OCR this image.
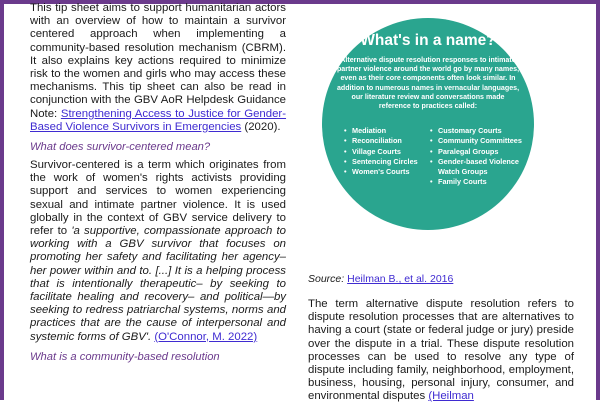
This tip sheet aims to support humanitarian actors with an overview of how to maintain a survivor centered approach when implementing a community-based resolution mechanism (CBRM). It also explains key actions required to minimize risk to the women and girls who may access these mechanisms. This tip sheet can also be read in conjunction with the GBV AoR Helpdesk Guidance Note: Strengthening Access to Justice for Gender-Based Violence Survivors in Emergencies (2020).

What does survivor-centered mean?

Survivor-centered is a term which originates from the work of women's rights activists providing support and services to women experiencing sexual and intimate partner violence. It is used globally in the context of GBV service delivery to refer to 'a supportive, compassionate approach to working with a GBV survivor that focuses on promoting her safety and facilitating her agency– her power within and to. [...] It is a helping process that is intentionally therapeutic– by seeking to facilitate healing and recovery– and political—by seeking to redress patriarchal systems, norms and practices that are the cause of interpersonal and systemic forms of GBV'. (O'Connor, M. 2022)

What is a community-based resolution
What's in a name?
Alternative dispute resolution responses to intimate partner violence around the world go by many names, even as their core components often look similar. In addition to numerous names in vernacular languages, our literature review and conversations made reference to practices called:
• Mediation
• Reconciliation
• Village Courts
• Sentencing Circles
• Women's Courts
• Customary Courts
• Community Committees
• Paralegal Groups
• Gender-based Violence Watch Groups
• Family Courts
Source: Heilman B., et al. 2016

The term alternative dispute resolution refers to dispute resolution processes that are alternatives to having a court (state or federal judge or jury) preside over the dispute in a trial. These dispute resolution processes can be used to resolve any type of dispute including family, neighborhood, employment, business, housing, personal injury, consumer, and environmental disputes (Heilman
